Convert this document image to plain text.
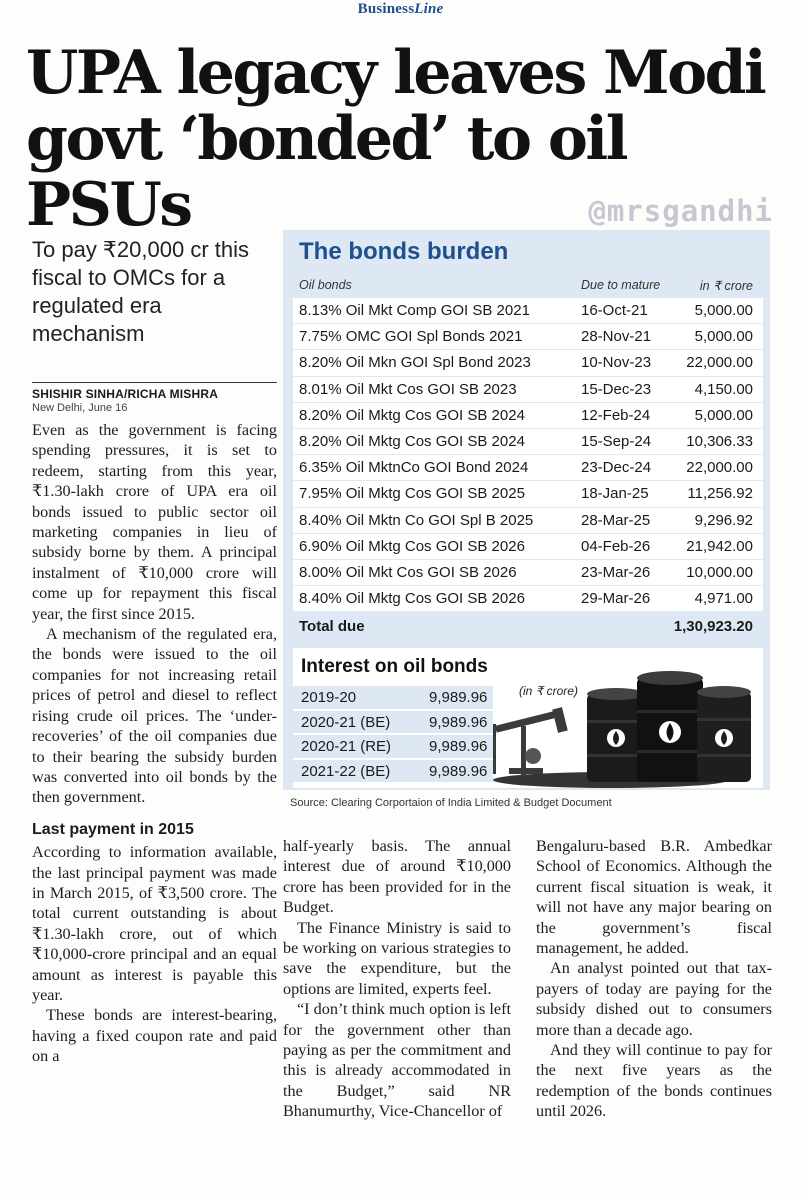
BusinessLine
UPA legacy leaves Modi
govt ‘bonded’ to oil PSUs	@mrsgandhi
To pay ₹20,000 cr this fiscal to OMCs for a regulated era mechanism
SHISHIR SINHA/RICHA MISHRA
New Delhi, June 16

Even as the government is facing spending pressures, it is set to redeem, starting from this year, ₹1.30-lakh crore of UPA era oil bonds issued to public sector oil marketing companies in lieu of subsidy borne by them. A principal instalment of ₹10,000 crore will come up for repayment this fiscal year, the first since 2015.

A mechanism of the regulated era, the bonds were issued to the oil companies for not increasing retail prices of petrol and diesel to reflect rising crude oil prices. The ‘under-recoveries’ of the oil companies due to their bearing the subsidy burden was converted into oil bonds by the then government.

Last payment in 2015

According to information available, the last principal payment was made in March 2015, of ₹3,500 crore. The total current outstanding is about ₹1.30-lakh crore, out of which ₹10,000-crore principal and an equal amount as interest is payable this year.

These bonds are interest-bearing, having a fixed coupon rate and paid on a

The bonds burden
Oil bonds	Due to mature	in ₹ crore
8.13% Oil Mkt Comp GOI SB 2021	16-Oct-21	5,000.00
7.75% OMC GOI Spl Bonds 2021	28-Nov-21	5,000.00
8.20% Oil Mkn GOI Spl Bond 2023	10-Nov-23 22,000.00
8.01% Oil Mkt Cos GOI SB 2023	15-Dec-23	4,150.00
8.20% Oil Mktg Cos GOI SB 2024	12-Feb-24	5,000.00
8.20% Oil Mktg Cos GOI SB 2024	15-Sep-24 10,306.33
6.35% Oil MktnCo GOI Bond 2024	23-Dec-24 22,000.00
7.95% Oil Mktg Cos GOI SB 2025	18-Jan-25	11,256.92
8.40% Oil Mktn Co GOI Spl B 2025	28-Mar-25	9,296.92
6.90% Oil Mktg Cos GOI SB 2026	04-Feb-26 21,942.00
8.00% Oil Mkt Cos GOI SB 2026	23-Mar-26 10,000.00
8.40% Oil Mktg Cos GOI SB 2026	29-Mar-26	4,971.00
Total due	1,30,923.20
Interest on oil bonds
2019-20	9,989.96
2020-21 (BE)	9,989.96
2020-21 (RE)	9,989.96
2021-22 (BE)	9,989.96
(in ₹ crore)
Source: Clearing Corportaion of India Limited & Budget Document

half-yearly basis. The annual interest due of around ₹10,000 crore has been provided for in the Budget.

The Finance Ministry is said to be working on various strategies to save the expenditure, but the options are limited, experts feel.

“I don’t think much option is left for the government other than paying as per the commitment and this is already accommodated in the Budget,” said NR Bhanumurthy, Vice-Chancellor of

Bengaluru-based B.R. Ambedkar School of Economics. Although the current fiscal situation is weak, it will not have any major bearing on the government’s fiscal management, he added.

An analyst pointed out that tax-payers of today are paying for the subsidy dished out to consumers more than a decade ago.

And they will continue to pay for the next five years as the redemption of the bonds continues until 2026.
